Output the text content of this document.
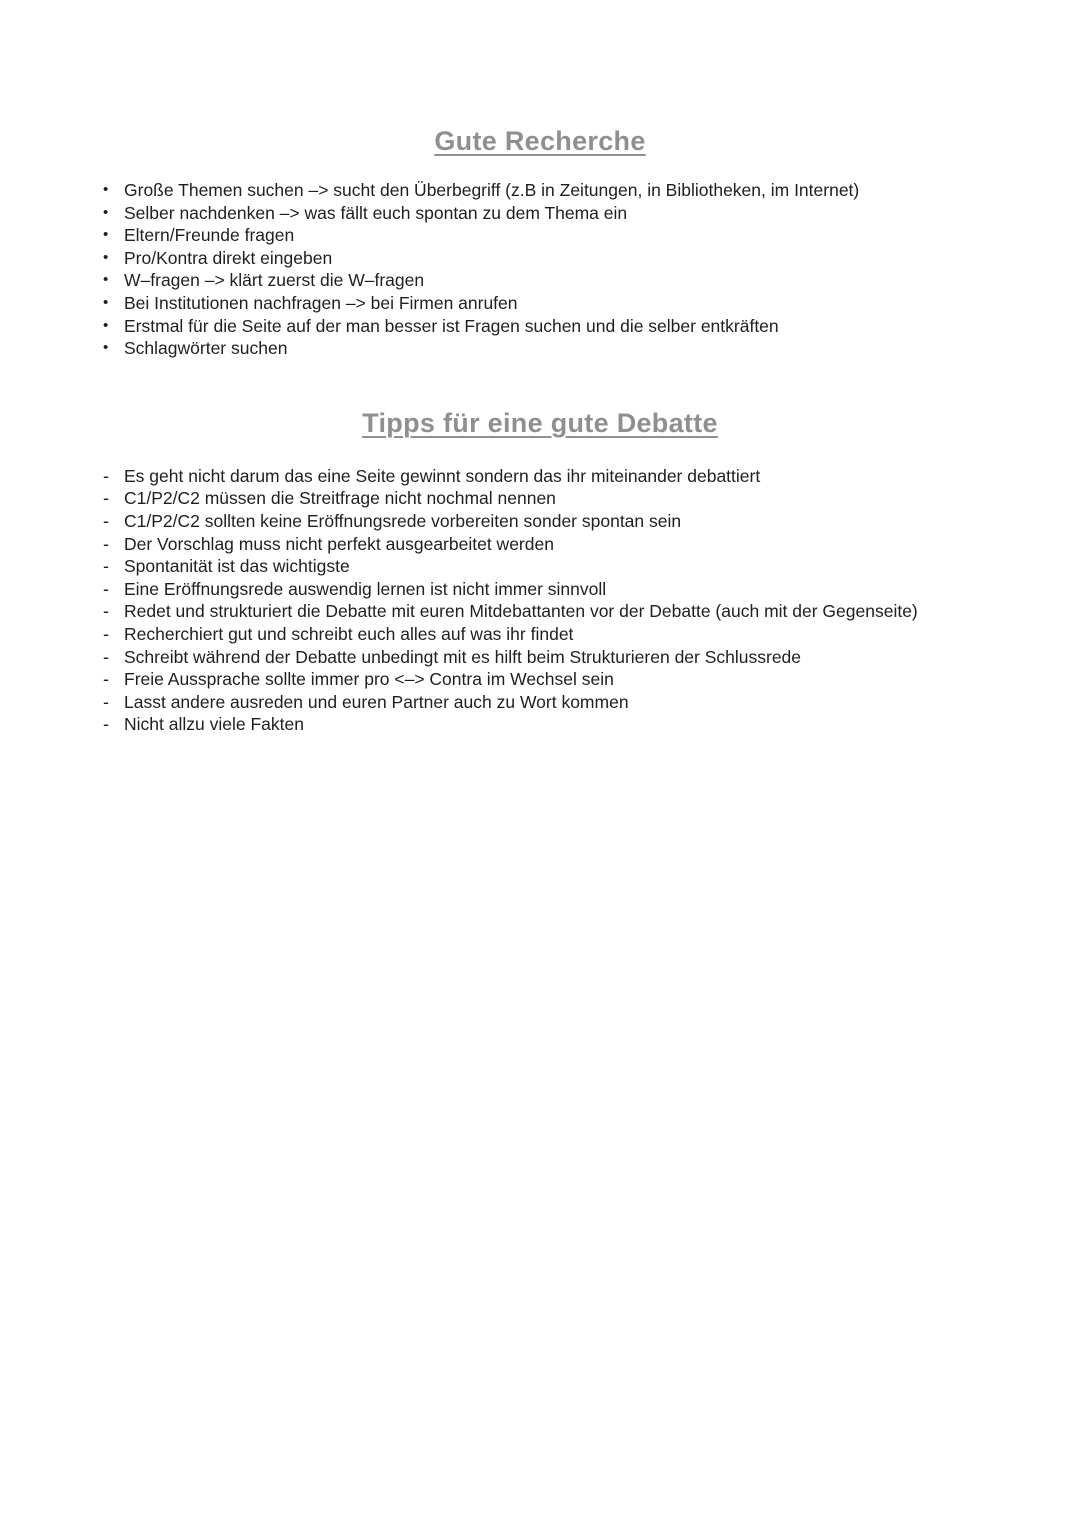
Gute Recherche
• Große Themen suchen –> sucht den Überbegriff (z.B in Zeitungen, in Bibliotheken, im Internet)
• Selber nachdenken –> was fällt euch spontan zu dem Thema ein
• Eltern/Freunde fragen
• Pro/Kontra direkt eingeben
• W–fragen –> klärt zuerst die W–fragen
• Bei Institutionen nachfragen –> bei Firmen anrufen
• Erstmal für die Seite auf der man besser ist Fragen suchen und die selber entkräften
• Schlagwörter suchen
Tipps für eine gute Debatte
- Es geht nicht darum das eine Seite gewinnt sondern das ihr miteinander debattiert
- C1/P2/C2 müssen die Streitfrage nicht nochmal nennen
- C1/P2/C2 sollten keine Eröffnungsrede vorbereiten sonder spontan sein
- Der Vorschlag muss nicht perfekt ausgearbeitet werden
- Spontanität ist das wichtigste
- Eine Eröffnungsrede auswendig lernen ist nicht immer sinnvoll
- Redet und strukturiert die Debatte mit euren Mitdebattanten vor der Debatte (auch mit der Gegenseite)
- Recherchiert gut und schreibt euch alles auf was ihr findet
- Schreibt während der Debatte unbedingt mit es hilft beim Strukturieren der Schlussrede
- Freie Aussprache sollte immer pro <–> Contra im Wechsel sein
- Lasst andere ausreden und euren Partner auch zu Wort kommen
- Nicht allzu viele Fakten
